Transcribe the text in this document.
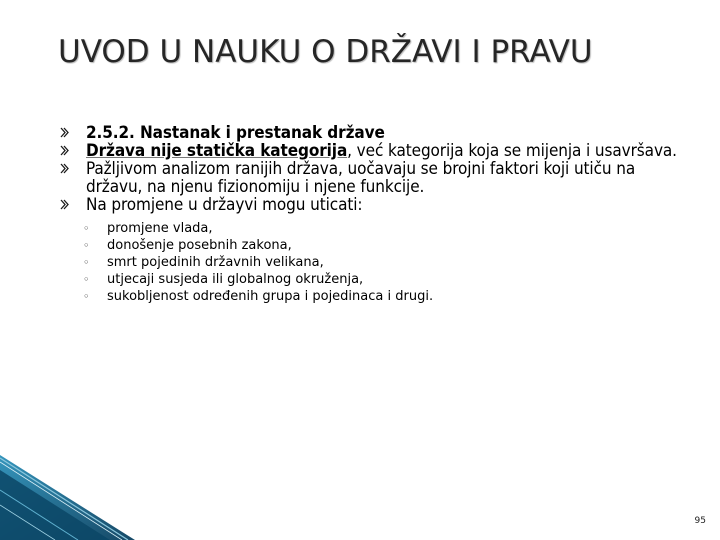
UVOD U NAUKU O DRŽAVI I PRAVU
2.5.2. Nastanak i prestanak države
Država nije statička kategorija, već kategorija koja se mijenja i usavršava.
Pažljivom analizom ranijih država, uočavaju se brojni faktori koji utiču na državu, na njenu fizionomiju i njene funkcije.
Na promjene u držayvi mogu uticati:
◦ promjene vlada,
◦ donošenje posebnih zakona,
◦ smrt pojedinih državnih velikana,
◦ utjecaji susjeda ili globalnog okruženja,
◦ sukobljenost određenih grupa i pojedinaca i drugi.
95
